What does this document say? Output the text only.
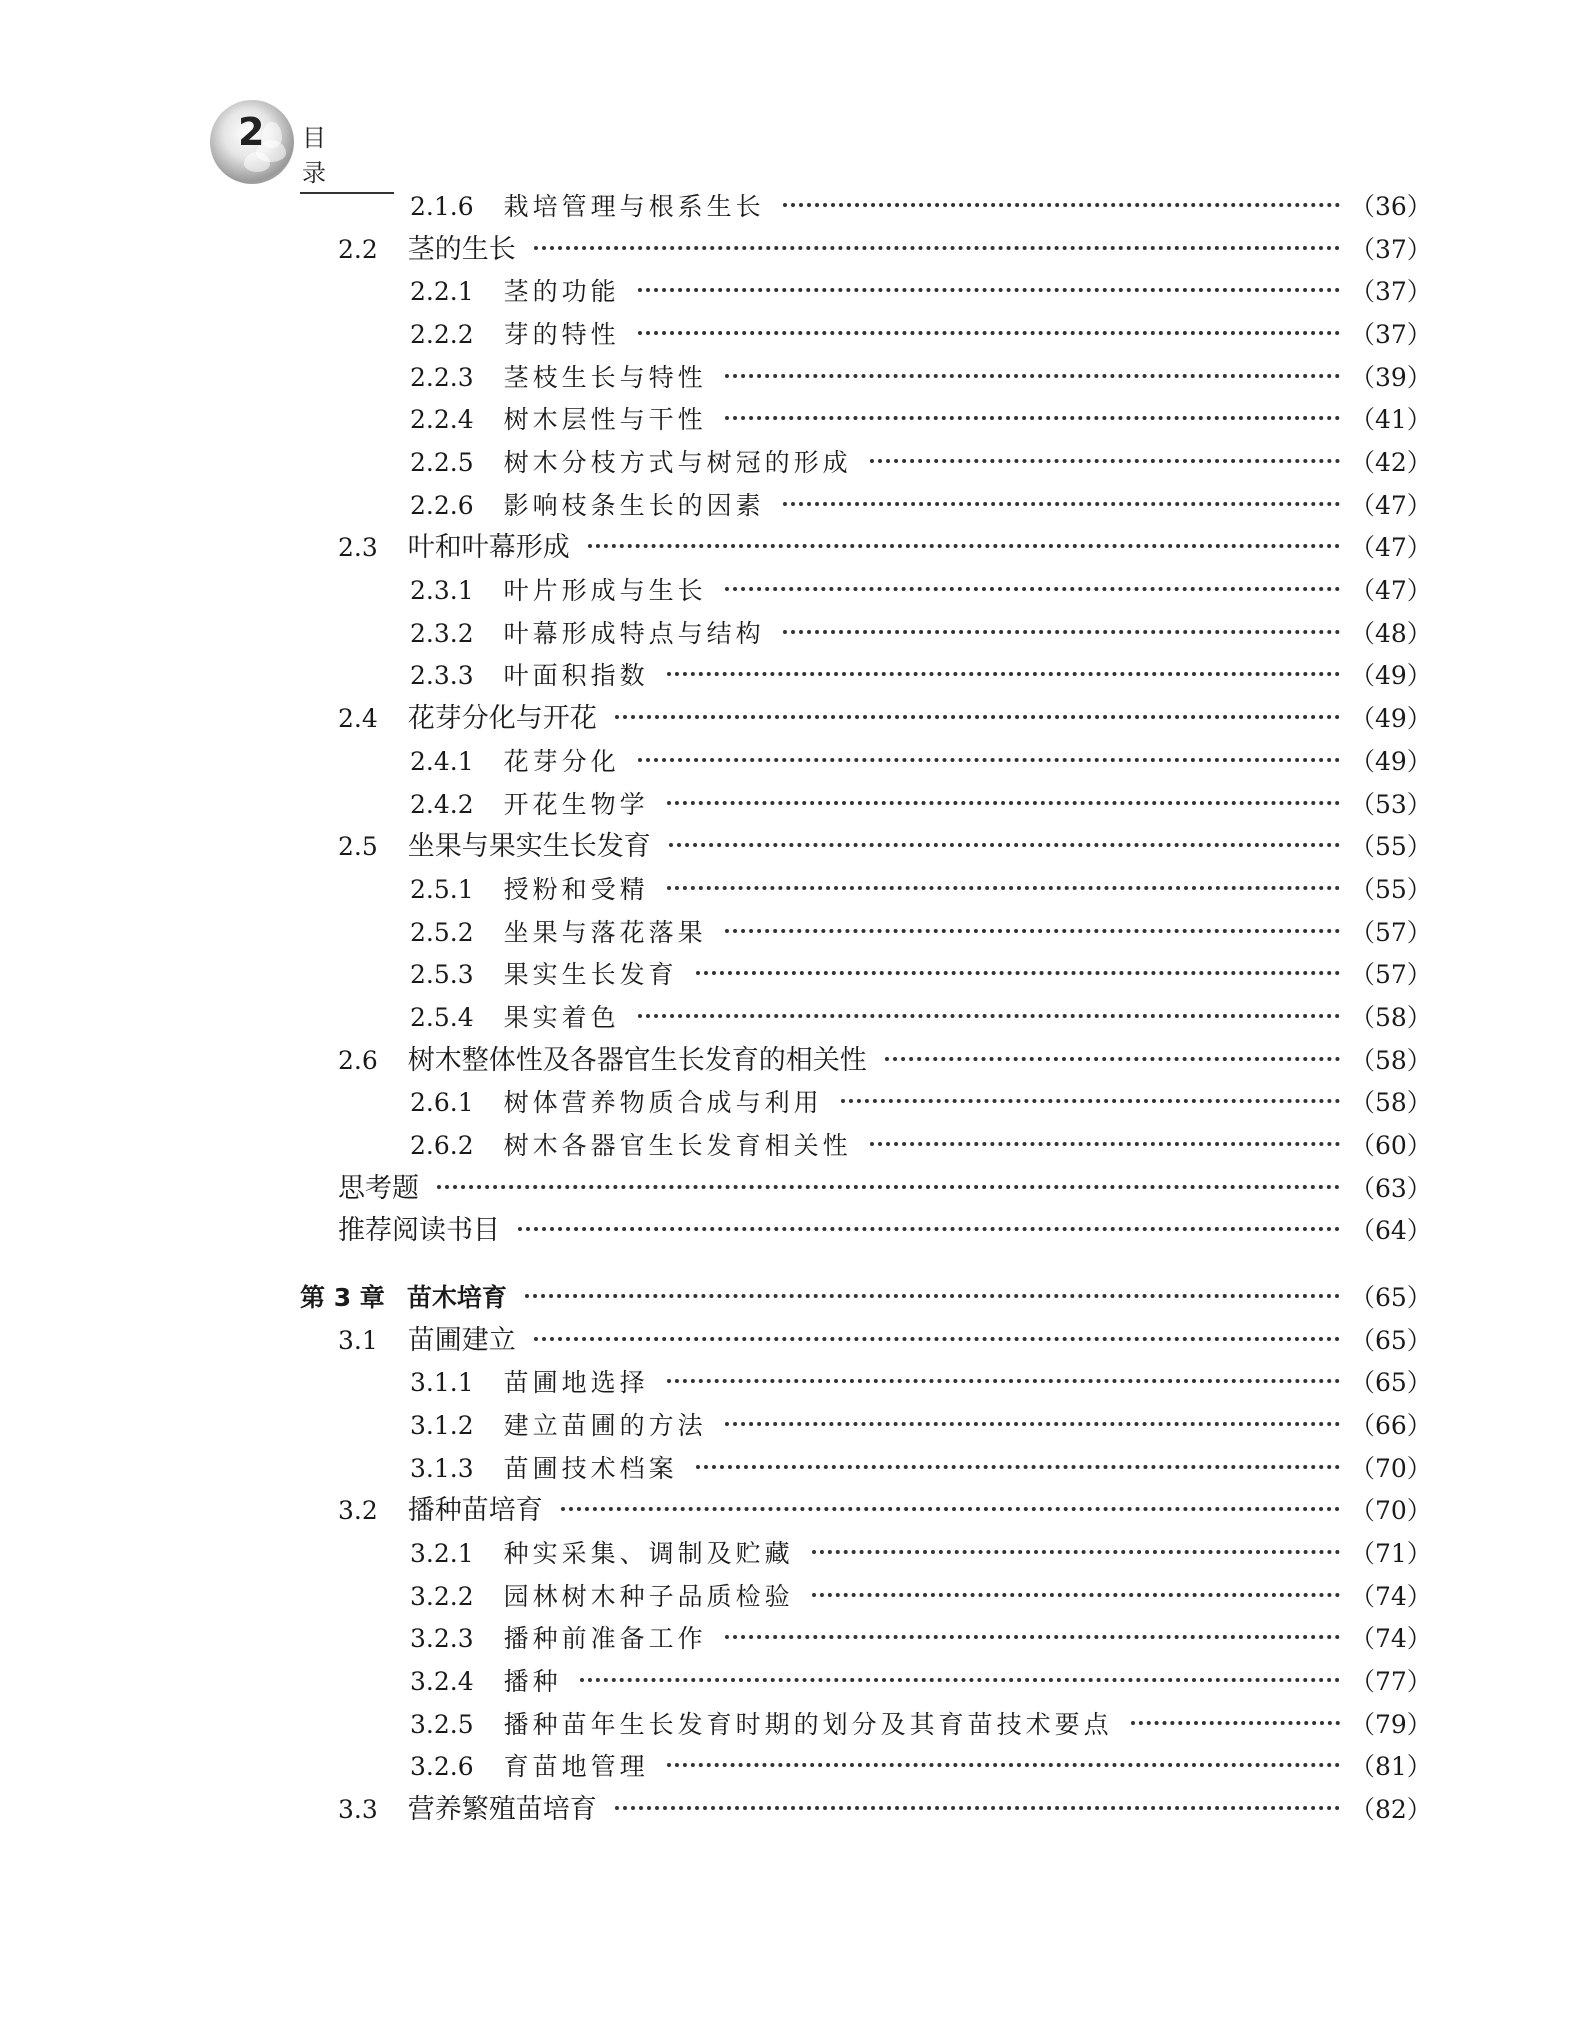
2 目 录
2.1.6 栽培管理与根系生长	（36）
2.2 茎的生长	（37）
2.2.1 茎的功能	（37）
2.2.2 芽的特性	（37）
2.2.3 茎枝生长与特性	（39）
2.2.4 树木层性与干性	（41）
2.2.5 树木分枝方式与树冠的形成	（42）
2.2.6 影响枝条生长的因素	（47）
2.3 叶和叶幕形成	（47）
2.3.1 叶片形成与生长	（47）
2.3.2 叶幕形成特点与结构	（48）
2.3.3 叶面积指数	（49）
2.4 花芽分化与开花	（49）
2.4.1 花芽分化	（49）
2.4.2 开花生物学	（53）
2.5 坐果与果实生长发育	（55）
2.5.1 授粉和受精	（55）
2.5.2 坐果与落花落果	（57）
2.5.3 果实生长发育	（57）
2.5.4 果实着色	（58）
2.6 树木整体性及各器官生长发育的相关性	（58）
2.6.1 树体营养物质合成与利用	（58）
2.6.2 树木各器官生长发育相关性	（60）
思考题	（63）
推荐阅读书目	（64）
第 3 章 苗木培育	（65）
3.1 苗圃建立	（65）
3.1.1 苗圃地选择	（65）
3.1.2 建立苗圃的方法	（66）
3.1.3 苗圃技术档案	（70）
3.2 播种苗培育	（70）
3.2.1 种实采集、调制及贮藏	（71）
3.2.2 园林树木种子品质检验	（74）
3.2.3 播种前准备工作	（74）
3.2.4 播种	（77）
3.2.5 播种苗年生长发育时期的划分及其育苗技术要点	（79）
3.2.6 育苗地管理	（81）
3.3 营养繁殖苗培育	（82）
